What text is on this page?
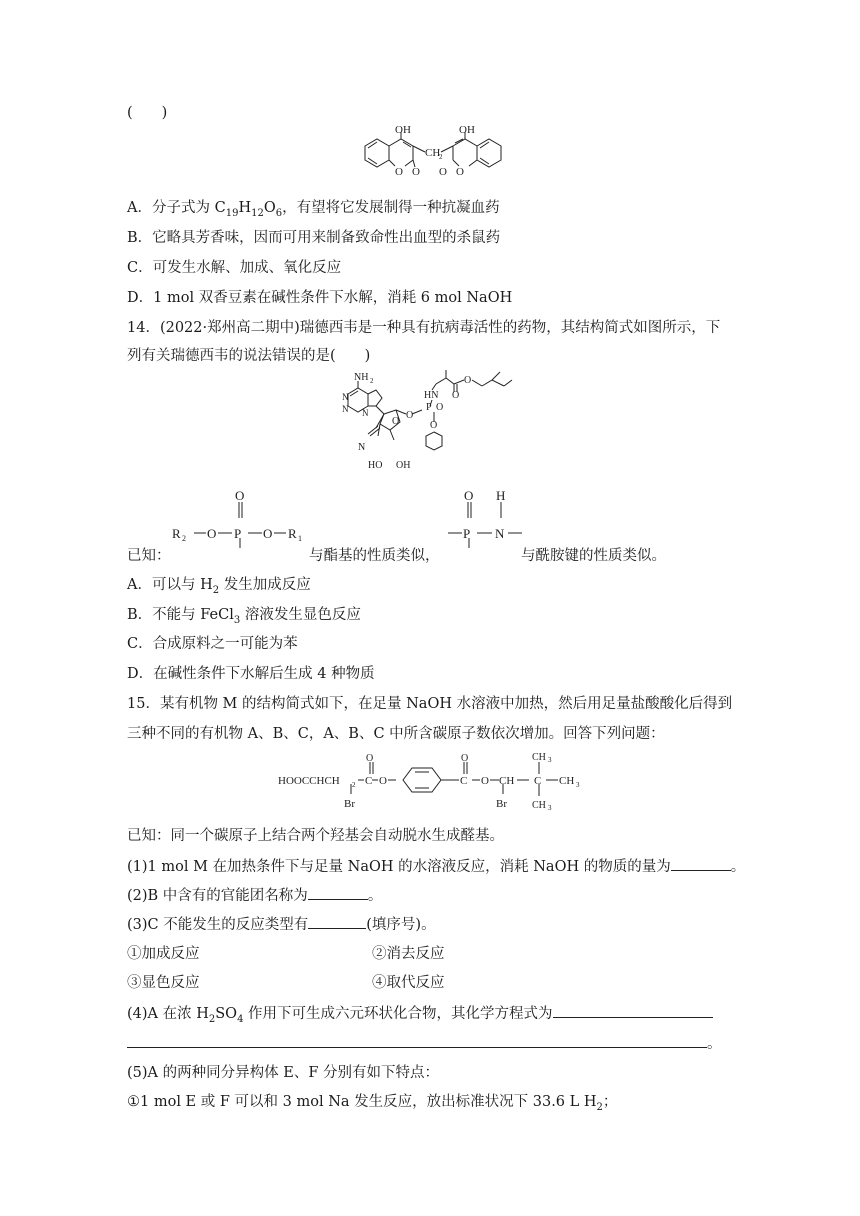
(　　)
OH	OH
CH
2
O O	O
O
A．分子式为 $C_{19}H_{12}O_6$，有望将它发展制得一种抗凝血药
B．它略具芳香味，因而可用来制备致命性出血型的杀鼠药
C．可发生水解、加成、氧化反应
D．1 mol 双香豆素在碱性条件下水解，消耗 6 mol NaOH
14．(2022·郑州高二期中)瑞德西韦是一种具有抗病毒活性的药物，其结构简式如图所示，下
列有关瑞德西韦的说法错误的是(　　)
NH 2
N
N N
N
O
O
HN
P O
O
HO OH
O
O
O
R 2 O P O R 1
O H
P N
已知：	与酯基的性质类似，	与酰胺键的性质类似。
A．可以与 $H_2$ 发生加成反应
B．不能与 FeCl$_3$ 溶液发生显色反应
C．合成原料之一可能为苯
D．在碱性条件下水解后生成 4 种物质
15．某有机物 M 的结构简式如下，在足量 NaOH 水溶液中加热，然后用足量盐酸酸化后得到
三种不同的有机物 A、B、C，A、B、C 中所含碳原子数依次增加。回答下列问题：
HOOCCHCH 2 C O
O
C O
O
CH C CH 3
CH 3
CH 3
Br	Br
已知：同一个碳原子上结合两个羟基会自动脱水生成醛基。
(1)1 mol M 在加热条件下与足量 NaOH 的水溶液反应，消耗 NaOH 的物质的量为	。
(2)B 中含有的官能团名称为	。
(3)C 不能发生的反应类型有	(填序号)。
①加成反应	②消去反应
③显色反应	④取代反应
(4)A 在浓 $H_2SO_4$ 作用下可生成六元环状化合物，其化学方程式为
。
(5)A 的两种同分异构体 E、F 分别有如下特点：
①1 mol E 或 F 可以和 3 mol Na 发生反应，放出标准状况下 33.6 L $H_2$；
